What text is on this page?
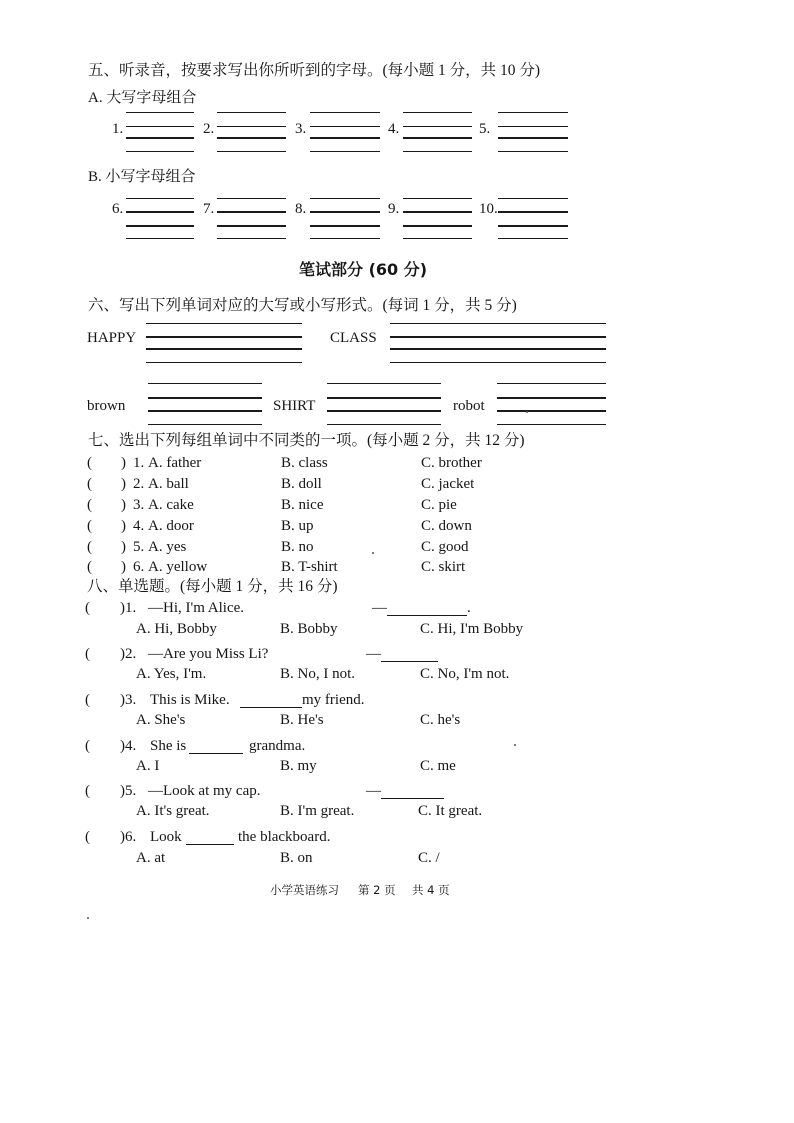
五、听录音，按要求写出你所听到的字母。(每小题 1 分，共 10 分)
A. 大写字母组合
1.	2.	3.	4.	5.
B. 小写字母组合
6.	7.	8.	9.	10.
笔试部分 (60 分)
六、写出下列单词对应的大写或小写形式。(每词 1 分，共 5 分)
HAPPY	CLASS
brown	SHIRT	robot
七、选出下列每组单词中不同类的一项。(每小题 2 分，共 12 分)
( ) 1. A. father	B. class	C. brother
( ) 2. A. ball	B. doll	C. jacket
( ) 3. A. cake	B. nice	C. pie
( ) 4. A. door	B. up	C. down
( ) 5. A. yes	B. no	C. good
( ) 6. A. yellow	B. T-shirt	C. skirt
八、单选题。(每小题 1 分，共 16 分)
( )1. —Hi, I'm Alice.	—	.
A. Hi, Bobby	B. Bobby	C. Hi, I'm Bobby
( )2. —Are you Miss Li?	—
A. Yes, I'm.	B. No, I not.	C. No, I'm not.
( )3. This is Mike.	my friend.
A. She's	B. He's	C. he's
( )4. She is	grandma.
A. I	B. my	C. me
( )5. —Look at my cap.	—
A. It's great.	B. I'm great.	C. It great.
( )6. Look	the blackboard.
A. at	B. on	C. /
小学英语练习 第 2 页 共 4 页
